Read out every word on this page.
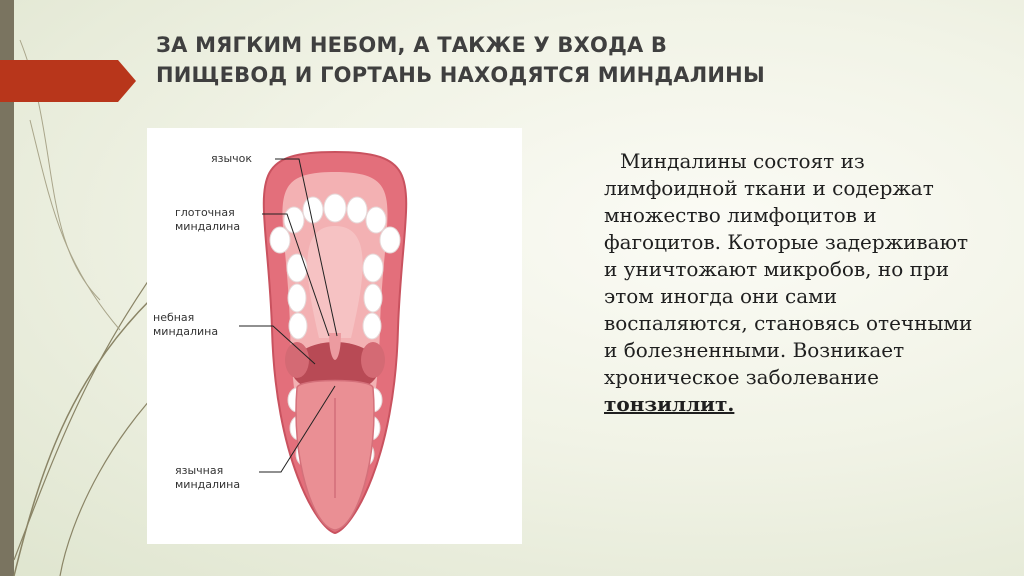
ЗА МЯГКИМ НЕБОМ, А ТАКЖЕ У ВХОДА В ПИЩЕВОД И ГОРТАНЬ НАХОДЯТСЯ МИНДАЛИНЫ
язычок
глоточная
миндалина
небная
миндалина
язычная
миндалина

Миндалины состоят из лимфоидной ткани и содержат множество лимфоцитов и фагоцитов. Которые задерживают и уничтожают микробов, но при этом иногда они сами воспаляются, становясь отечными и болезненными. Возникает хроническое заболевание тонзиллит.
